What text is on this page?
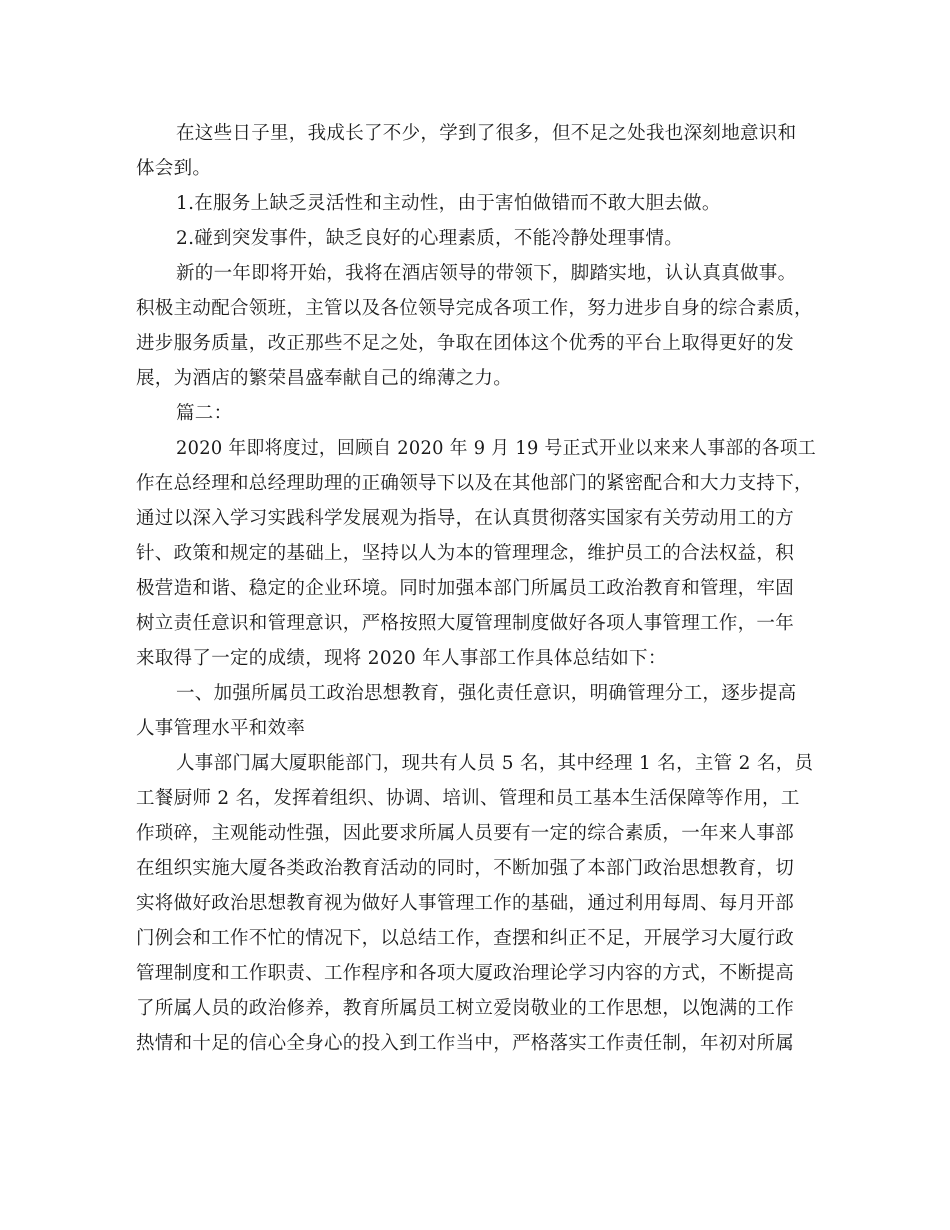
在这些日子里，我成长了不少，学到了很多，但不足之处我也深刻地意识和
体会到。
1.在服务上缺乏灵活性和主动性，由于害怕做错而不敢大胆去做。
2.碰到突发事件，缺乏良好的心理素质，不能冷静处理事情。
新的一年即将开始，我将在酒店领导的带领下，脚踏实地，认认真真做事。
积极主动配合领班，主管以及各位领导完成各项工作，努力进步自身的综合素质，
进步服务质量，改正那些不足之处，争取在团体这个优秀的平台上取得更好的发
展，为酒店的繁荣昌盛奉献自己的绵薄之力。
篇二：
2020 年即将度过，回顾自 2020 年 9 月 19 号正式开业以来来人事部的各项工
作在总经理和总经理助理的正确领导下以及在其他部门的紧密配合和大力支持下，
通过以深入学习实践科学发展观为指导，在认真贯彻落实国家有关劳动用工的方
针、政策和规定的基础上，坚持以人为本的管理理念，维护员工的合法权益，积
极营造和谐、稳定的企业环境。同时加强本部门所属员工政治教育和管理，牢固
树立责任意识和管理意识，严格按照大厦管理制度做好各项人事管理工作，一年
来取得了一定的成绩，现将 2020 年人事部工作具体总结如下：
一、加强所属员工政治思想教育，强化责任意识，明确管理分工，逐步提高
人事管理水平和效率
人事部门属大厦职能部门，现共有人员 5 名，其中经理 1 名，主管 2 名，员
工餐厨师 2 名，发挥着组织、协调、培训、管理和员工基本生活保障等作用，工
作琐碎，主观能动性强，因此要求所属人员要有一定的综合素质，一年来人事部
在组织实施大厦各类政治教育活动的同时，不断加强了本部门政治思想教育，切
实将做好政治思想教育视为做好人事管理工作的基础，通过利用每周、每月开部
门例会和工作不忙的情况下，以总结工作，查摆和纠正不足，开展学习大厦行政
管理制度和工作职责、工作程序和各项大厦政治理论学习内容的方式，不断提高
了所属人员的政治修养，教育所属员工树立爱岗敬业的工作思想，以饱满的工作
热情和十足的信心全身心的投入到工作当中，严格落实工作责任制，年初对所属
